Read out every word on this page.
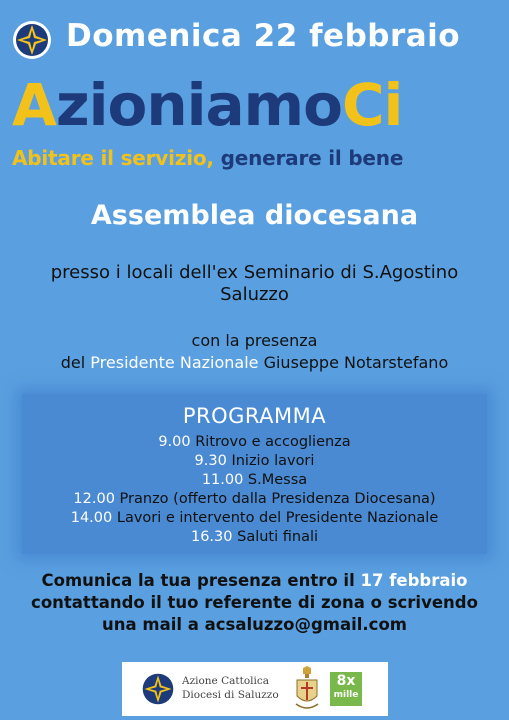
Domenica 22 febbraio
AzioniamoCi
Abitare il servizio, generare il bene
Assemblea diocesana
presso i locali dell'ex Seminario di S.Agostino
Saluzzo
con la presenza
del Presidente Nazionale Giuseppe Notarstefano
PROGRAMMA
9.00 Ritrovo e accoglienza
9.30 Inizio lavori
11.00 S.Messa
12.00 Pranzo (offerto dalla Presidenza Diocesana)
14.00 Lavori e intervento del Presidente Nazionale
16.30 Saluti finali
Comunica la tua presenza entro il 17 febbraio
contattando il tuo referente di zona o scrivendo
una mail a acsaluzzo@gmail.com
Azione Cattolica
Diocesi di Saluzzo
8x
mille
